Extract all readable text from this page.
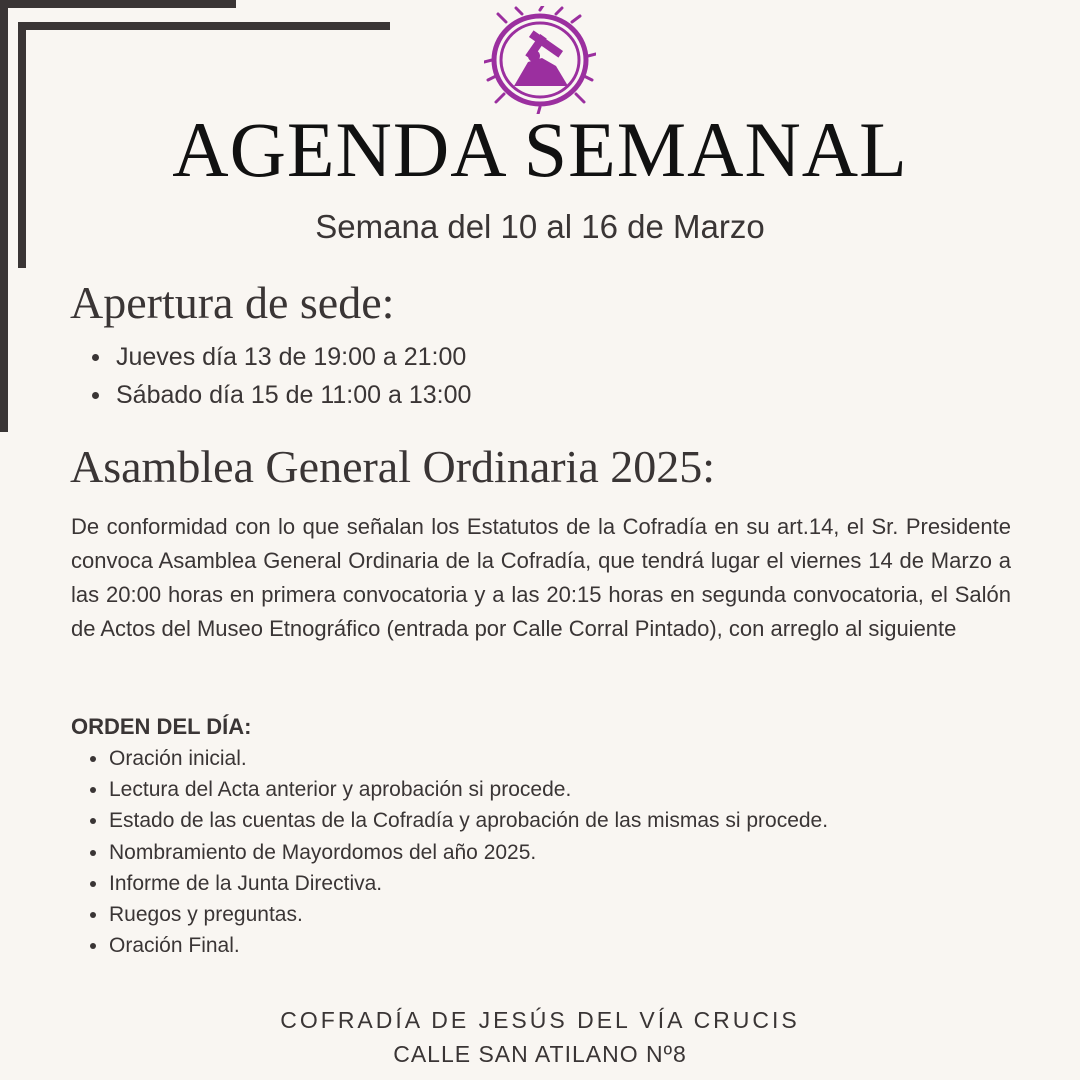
AGENDA SEMANAL
Semana del 10 al 16 de Marzo
Apertura de sede:
Jueves día 13 de 19:00 a 21:00
Sábado día 15 de 11:00 a 13:00
Asamblea General Ordinaria 2025:

De conformidad con lo que señalan los Estatutos de la Cofradía en su art.14, el Sr. Presidente convoca Asamblea General Ordinaria de la Cofradía, que tendrá lugar el viernes 14 de Marzo a las 20:00 horas en primera convocatoria y a las 20:15 horas en segunda convocatoria, el Salón de Actos del Museo Etnográfico (entrada por Calle Corral Pintado), con arreglo al siguiente

ORDEN DEL DÍA:
Oración inicial.
Lectura del Acta anterior y aprobación si procede.
Estado de las cuentas de la Cofradía y aprobación de las mismas si procede.
Nombramiento de Mayordomos del año 2025.
Informe de la Junta Directiva.
Ruegos y preguntas.
Oración Final.
COFRADÍA DE JESÚS DEL VÍA CRUCIS
CALLE SAN ATILANO Nº8
